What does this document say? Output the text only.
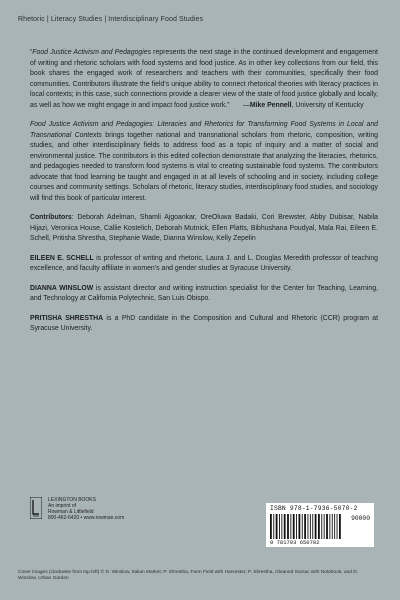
Rhetoric | Literacy Studies | Interdisciplinary Food Studies

“Food Justice Activism and Pedagogies represents the next stage in the continued development and engagement of writing and rhetoric scholars with food systems and food justice. As in other key collections from our field, this book shares the engaged work of researchers and teachers with their communities, specifically their food communities. Contributors illustrate the field’s unique ability to connect rhetorical theories with literacy practices in local contexts; in this case, such connections provide a clearer view of the state of food justice globally and locally, as well as how we might engage in and impact food justice work.” —Mike Pennell, University of Kentucky

Food Justice Activism and Pedagogies: Literacies and Rhetorics for Transforming Food Systems in Local and Transnational Contexts brings together national and transnational scholars from rhetoric, composition, writing studies, and other interdisciplinary fields to address food as a topic of inquiry and a matter of social and environmental justice. The contributors in this edited collection demonstrate that analyzing the literacies, rhetorics, and pedagogies needed to transform food systems is vital to creating sustainable food systems. The contributors advocate that food learning be taught and engaged in at all levels of schooling and in society, including college courses and community settings. Scholars of rhetoric, literacy studies, interdisciplinary food studies, and sociology will find this book of particular interest.

Contributors: Deborah Adelman, Shamli Ajgoankar, OreOluwa Badaki, Cori Brewster, Abby Dubisar, Nabila Hijazi, Veronica House, Callie Kostelich, Deborah Mutnick, Ellen Platts, Bibhushana Poudyal, Mala Rai, Eileen E. Schell, Pritisha Shrestha, Stephanie Wade, Dianna Winslow, Kelly Zepelin

EILEEN E. SCHELL is professor of writing and rhetoric, Laura J. and L. Douglas Meredith professor of teaching excellence, and faculty affiliate in women’s and gender studies at Syracuse University.

DIANNA WINSLOW is assistant director and writing instruction specialist for the Center for Teaching, Learning, and Technology at California Polytechnic, San Luis Obispo.

PRITISHA SHRESTHA is a PhD candidate in the Composition and Cultural and Rhetoric (CCR) program at Syracuse University.

LEXINGTON BOOKS
An imprint of
Rowman & Littlefield
800-462-6420 • www.rowman.com
ISBN 978-1-7936-5070-2
90000
9 781793 650702
Cover images (clockwise from top left) © D. Winslow, Italian Market; P. Shrestha, Farm Field with Harvester; P. Shrestha, Gleaned Sumac with Notebook; and D. Winslow, Urban Garden
